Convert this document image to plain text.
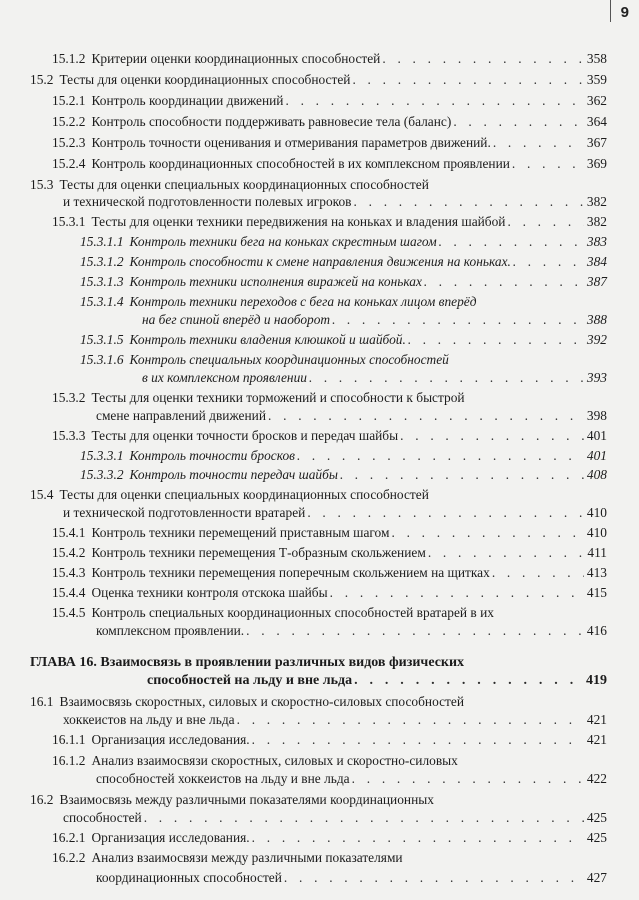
9
15.1.2 Критерии оценки координационных способностей . . .	358
15.2 Тесты для оценки координационных способностей . . .	359
15.2.1 Контроль координации движений . . .	362
15.2.2 Контроль способности поддерживать равновесие тела (баланс) . . .	364
15.2.3 Контроль точности оценивания и отмеривания параметров движений. . . .	367
15.2.4 Контроль координационных способностей в их комплексном проявлении . . .	369
15.3 Тесты для оценки специальных координационных способностей
и технической подготовленности полевых игроков . . .	382
15.3.1 Тесты для оценки техники передвижения на коньках и владения шайбой . . .	382
15.3.1.1 Контроль техники бега на коньках скрестным шагом . . .	383
15.3.1.2 Контроль способности к смене направления движения на коньках. . . .	384
15.3.1.3 Контроль техники исполнения виражей на коньках . . .	387
15.3.1.4 Контроль техники переходов с бега на коньках лицом вперёд
на бег спиной вперёд и наоборот . . .	388
15.3.1.5 Контроль техники владения клюшкой и шайбой. . . .	392
15.3.1.6 Контроль специальных координационных способностей
в их комплексном проявлении . . .	393
15.3.2 Тесты для оценки техники торможений и способности к быстрой
смене направлений движений . . .	398
15.3.3 Тесты для оценки точности бросков и передач шайбы . . .	401
15.3.3.1 Контроль точности бросков . . .	401
15.3.3.2 Контроль точности передач шайбы . . .	408
15.4 Тесты для оценки специальных координационных способностей
и технической подготовленности вратарей . . .	410
15.4.1 Контроль техники перемещений приставным шагом . . .	410
15.4.2 Контроль техники перемещения Т-образным скольжением . . .	411
15.4.3 Контроль техники перемещения поперечным скольжением на щитках . . .	413
15.4.4 Оценка техники контроля отскока шайбы . . .	415
15.4.5 Контроль специальных координационных способностей вратарей в их
комплексном проявлении. . . .	416
ГЛАВА 16. Взаимосвязь в проявлении различных видов физических
способностей на льду и вне льда . . .	419
16.1 Взаимосвязь скоростных, силовых и скоростно-силовых способностей
хоккеистов на льду и вне льда . . .	421
16.1.1 Организация исследования. . . .	421
16.1.2 Анализ взаимосвязи скоростных, силовых и скоростно-силовых
способностей хоккеистов на льду и вне льда . . .	422
16.2 Взаимосвязь между различными показателями координационных
способностей . . .	425
16.2.1 Организация исследования. . . .	425
16.2.2 Анализ взаимосвязи между различными показателями
координационных способностей . . .	427
